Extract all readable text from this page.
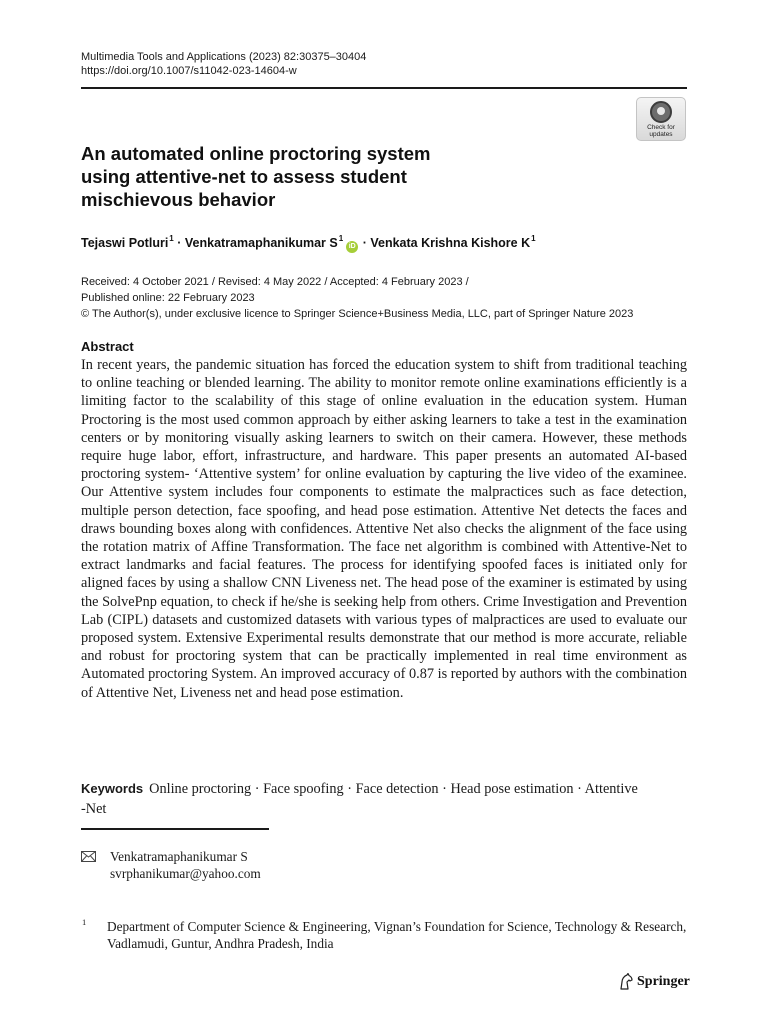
Multimedia Tools and Applications (2023) 82:30375–30404
https://doi.org/10.1007/s11042-023-14604-w
Check for
updates
An automated online proctoring system
using attentive-net to assess student
mischievous behavior
Tejaswi Potluri$^1$ · Venkatramaphanikumar $S^1iD$ · Venkata Krishna Kishore $K^1$
Received: 4 October 2021 / Revised: 4 May 2022 / Accepted: 4 February 2023 /
Published online: 22 February 2023
© The Author(s), under exclusive licence to Springer Science+Business Media, LLC, part of Springer Nature 2023
Abstract
In recent years, the pandemic situation has forced the education system to shift from traditional teaching to online teaching or blended learning. The ability to monitor remote online examinations efficiently is a limiting factor to the scalability of this stage of online evaluation in the education system. Human Proctoring is the most used common approach by either asking learners to take a test in the examination centers or by monitoring visually asking learners to switch on their camera. However, these methods require huge labor, effort, infrastructure, and hardware. This paper presents an automated AI-based proctoring system- ‘Attentive system’ for online evaluation by capturing the live video of the examinee. Our Attentive system includes four components to estimate the malpractices such as face detection, multiple person detection, face spoofing, and head pose estimation. Attentive Net detects the faces and draws bounding boxes along with confidences. Attentive Net also checks the alignment of the face using the rotation matrix of Affine Transformation. The face net algorithm is combined with Attentive-Net to extract landmarks and facial features. The process for identifying spoofed faces is initiated only for aligned faces by using a shallow CNN Liveness net. The head pose of the examiner is estimated by using the SolvePnp equation, to check if he/she is seeking help from others. Crime Investigation and Prevention Lab (CIPL) datasets and customized datasets with various types of malpractices are used to evaluate our proposed system. Extensive Experimental results demonstrate that our method is more accurate, reliable and robust for proctoring system that can be practically implemented in real time environment as Automated proctoring System. An improved accuracy of 0.87 is reported by authors with the combination of Attentive Net, Liveness net and head pose estimation.
Keywords Online proctoring · Face spoofing · Face detection · Head pose estimation · Attentive -Net
Venkatramaphanikumar S
svrphanikumar@yahoo.com
1 Department of Computer Science & Engineering, Vignan’s Foundation for Science, Technology & Research, Vadlamudi, Guntur, Andhra Pradesh, India
Springer
